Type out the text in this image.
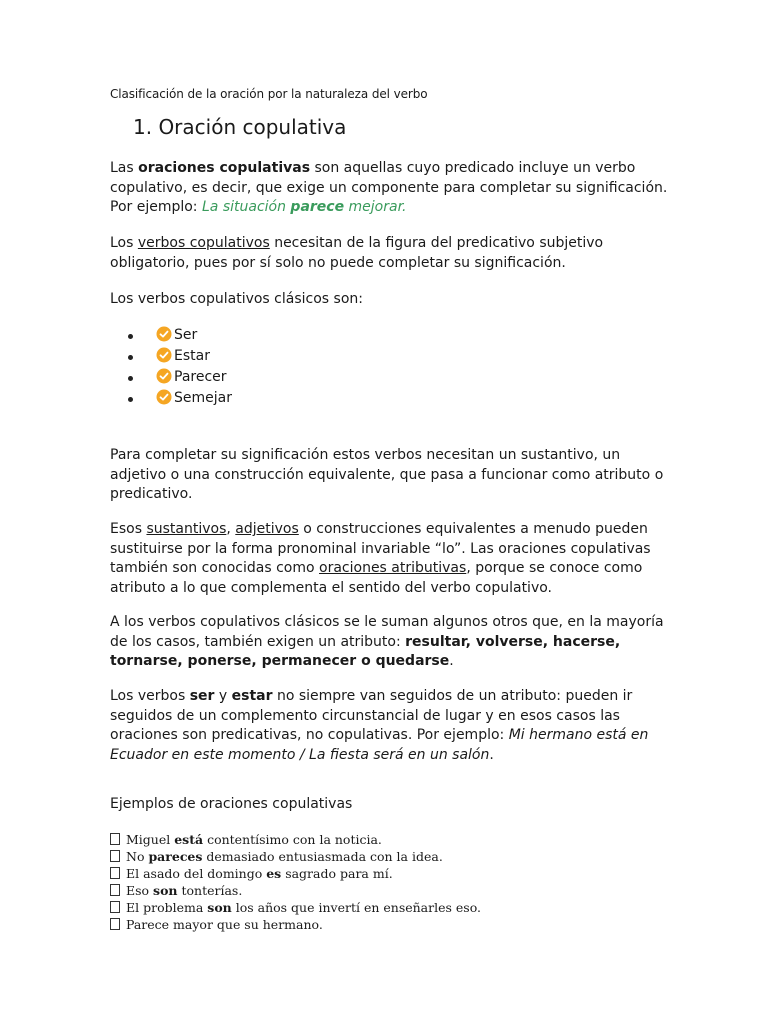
Clasificación de la oración por la naturaleza del verbo
1. Oración copulativa

Las oraciones copulativas son aquellas cuyo predicado incluye un verbo copulativo, es decir, que exige un componente para completar su significación. Por ejemplo: La situación parece mejorar.

Los verbos copulativos necesitan de la figura del predicativo subjetivo obligatorio, pues por sí solo no puede completar su significación.

Los verbos copulativos clásicos son:

Ser
Estar
Parecer
Semejar

Para completar su significación estos verbos necesitan un sustantivo, un adjetivo o una construcción equivalente, que pasa a funcionar como atributo o predicativo.

Esos sustantivos, adjetivos o construcciones equivalentes a menudo pueden sustituirse por la forma pronominal invariable “lo”. Las oraciones copulativas también son conocidas como oraciones atributivas, porque se conoce como atributo a lo que complementa el sentido del verbo copulativo.

A los verbos copulativos clásicos se le suman algunos otros que, en la mayoría de los casos, también exigen un atributo: resultar, volverse, hacerse, tornarse, ponerse, permanecer o quedarse.

Los verbos ser y estar no siempre van seguidos de un atributo: pueden ir seguidos de un complemento circunstancial de lugar y en esos casos las oraciones son predicativas, no copulativas. Por ejemplo: Mi hermano está en Ecuador en este momento / La fiesta será en un salón.

Ejemplos de oraciones copulativas
Miguel está contentísimo con la noticia.
No pareces demasiado entusiasmada con la idea.
El asado del domingo es sagrado para mí.
Eso son tonterías.
El problema son los años que invertí en enseñarles eso.
Parece mayor que su hermano.
